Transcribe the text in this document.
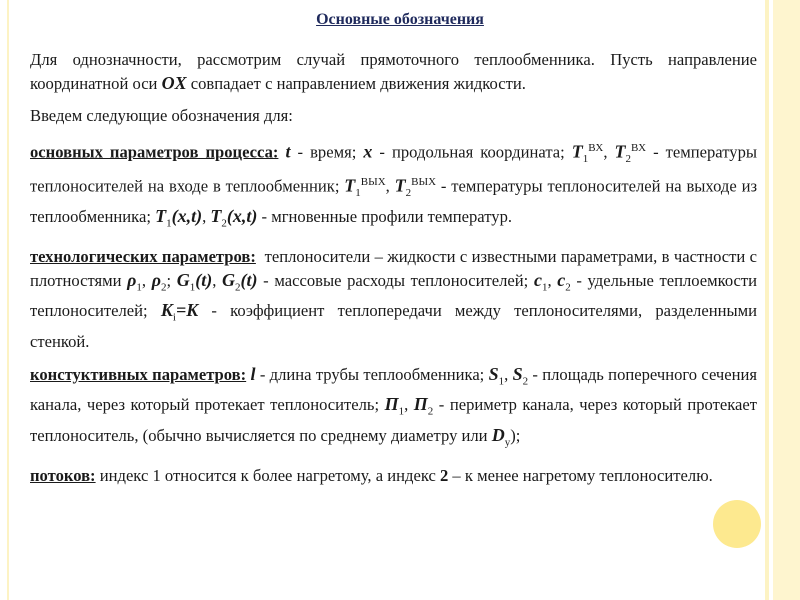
Основные обозначения

Для однозначности, рассмотрим случай прямоточного теплообменника. Пусть направление координатной оси OX совпадает с направлением движения жидкости.

Введем следующие обозначения для:

основных параметров процесса: t - время; x - продольная координата; $T_1^{ВХ}$, $T_2^{ВХ}$ - температуры теплоносителей на входе в теплообменник; $T_1^{ВЫХ}$, $T_2^{ВЫХ}$ - температуры теплоносителей на выходе из теплообменника; $T_1(x,t)$, $T_2(x,t)$ - мгновенные профили температур.

технологических параметров:  теплоносители – жидкости с известными параметрами, в частности с плотностями $\rho_1$, $\rho_2$; $G_1(t)$, $G_2(t)$ - массовые расходы теплоносителей; $c_1$, $c_2$ - удельные теплоемкости теплоносителей; $K_i=K$ - коэффициент теплопередачи между теплоносителями, разделенными стенкой.

констуктивных параметров: l - длина трубы теплообменника; $S_1$, $S_2$ - площадь поперечного сечения канала, через который протекает теплоноситель; $П_1$, $П_2$ - периметр канала, через который протекает теплоноситель, (обычно вычисляется по среднему диаметру или $D_y$);

потоков: индекс 1 относится к более нагретому, а индекс 2 – к менее нагретому теплоносителю.
